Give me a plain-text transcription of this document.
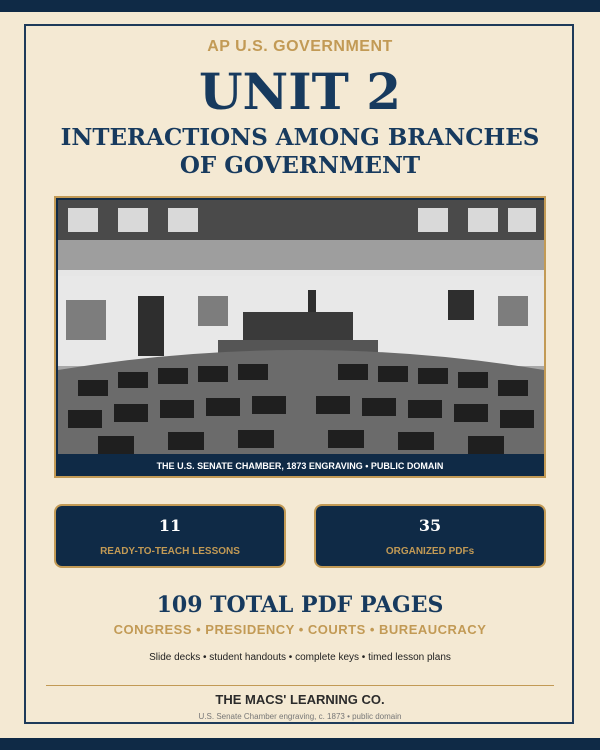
AP U.S. GOVERNMENT
UNIT 2
INTERACTIONS AMONG BRANCHES OF GOVERNMENT
THE U.S. SENATE CHAMBER, 1873 ENGRAVING • PUBLIC DOMAIN
11
READY-TO-TEACH LESSONS
35
ORGANIZED PDFs
109 TOTAL PDF PAGES
CONGRESS • PRESIDENCY • COURTS • BUREAUCRACY
Slide decks • student handouts • complete keys • timed lesson plans
THE MACS' LEARNING CO.
U.S. Senate Chamber engraving, c. 1873 • public domain
